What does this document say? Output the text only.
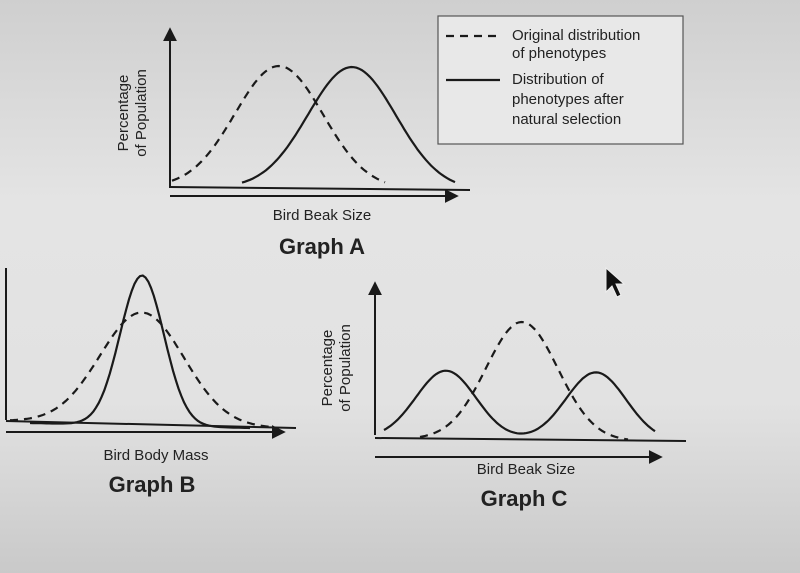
Original distribution
of phenotypes
Distribution of
phenotypes after
natural selection
Percentage of Population
Bird Beak Size
Graph A
Bird Body Mass
Graph B
Percentage of Population
Bird Beak Size
Graph C
